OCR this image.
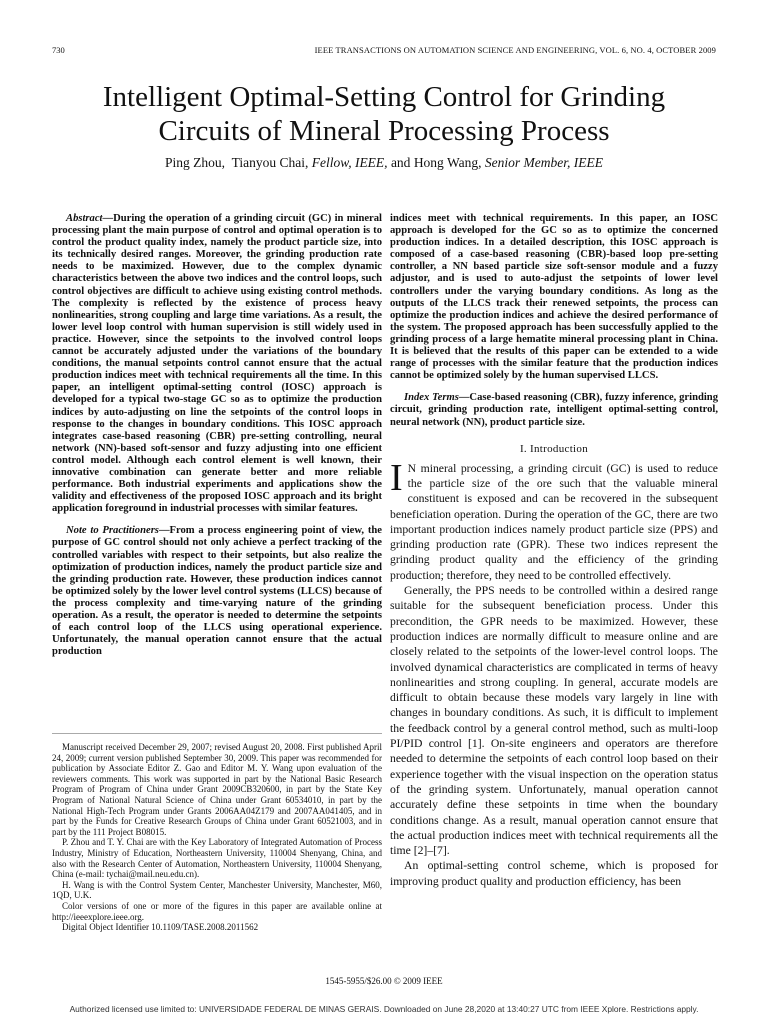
730	IEEE TRANSACTIONS ON AUTOMATION SCIENCE AND ENGINEERING, VOL. 6, NO. 4, OCTOBER 2009
Intelligent Optimal-Setting Control for Grinding
Circuits of Mineral Processing Process
Ping Zhou, Tianyou Chai, Fellow, IEEE, and Hong Wang, Senior Member, IEEE

Abstract—During the operation of a grinding circuit (GC) in mineral processing plant the main purpose of control and optimal operation is to control the product quality index, namely the product particle size, into its technically desired ranges. Moreover, the grinding production rate needs to be maximized. However, due to the complex dynamic characteristics between the above two indices and the control loops, such control objectives are difficult to achieve using existing control methods. The complexity is reflected by the existence of process heavy nonlinearities, strong coupling and large time variations. As a result, the lower level loop control with human supervision is still widely used in practice. However, since the setpoints to the involved control loops cannot be accurately adjusted under the variations of the boundary conditions, the manual setpoints control cannot ensure that the actual production indices meet with technical requirements all the time. In this paper, an intelligent optimal-setting control (IOSC) approach is developed for a typical two-stage GC so as to optimize the production indices by auto-adjusting on line the setpoints of the control loops in response to the changes in boundary conditions. This IOSC approach integrates case-based reasoning (CBR) pre-setting controlling, neural network (NN)-based soft-sensor and fuzzy adjusting into one efficient control model. Although each control element is well known, their innovative combination can generate better and more reliable performance. Both industrial experiments and applications show the validity and effectiveness of the proposed IOSC approach and its bright application foreground in industrial processes with similar features.

Note to Practitioners—From a process engineering point of view, the purpose of GC control should not only achieve a perfect tracking of the controlled variables with respect to their setpoints, but also realize the optimization of production indices, namely the product particle size and the grinding production rate. However, these production indices cannot be optimized solely by the lower level control systems (LLCS) because of the process complexity and time-varying nature of the grinding operation. As a result, the operator is needed to determine the setpoints of each control loop of the LLCS using operational experience. Unfortunately, the manual operation cannot ensure that the actual production

Manuscript received December 29, 2007; revised August 20, 2008. First published April 24, 2009; current version published September 30, 2009. This paper was recommended for publication by Associate Editor Z. Gao and Editor M. Y. Wang upon evaluation of the reviewers comments. This work was supported in part by the National Basic Research Program of Program of China under Grant 2009CB320600, in part by the State Key Program of National Natural Science of China under Grant 60534010, in part by the National High-Tech Program under Grants 2006AA04Z179 and 2007AA041405, and in part by the Funds for Creative Research Groups of China under Grant 60521003, and in part by the 111 Project B08015.

P. Zhou and T. Y. Chai are with the Key Laboratory of Integrated Automation of Process Industry, Ministry of Education, Northeastern University, 110004 Shenyang, China, and also with the Research Center of Automation, Northeastern University, 110004 Shenyang, China (e-mail: tychai@mail.neu.edu.cn).

H. Wang is with the Control System Center, Manchester University, Manchester, M60, 1QD, U.K.

Color versions of one or more of the figures in this paper are available online at http://ieeexplore.ieee.org.

Digital Object Identifier 10.1109/TASE.2008.2011562

indices meet with technical requirements. In this paper, an IOSC approach is developed for the GC so as to optimize the concerned production indices. In a detailed description, this IOSC approach is composed of a case-based reasoning (CBR)-based loop pre-setting controller, a NN based particle size soft-sensor module and a fuzzy adjustor, and is used to auto-adjust the setpoints of lower level controllers under the varying boundary conditions. As long as the outputs of the LLCS track their renewed setpoints, the process can optimize the production indices and achieve the desired performance of the system. The proposed approach has been successfully applied to the grinding process of a large hematite mineral processing plant in China. It is believed that the results of this paper can be extended to a wide range of processes with the similar feature that the production indices cannot be optimized solely by the human supervised LLCS.

Index Terms—Case-based reasoning (CBR), fuzzy inference, grinding circuit, grinding production rate, intelligent optimal-setting control, neural network (NN), product particle size.

I. Introduction

I N mineral processing, a grinding circuit (GC) is used to reduce the particle size of the ore such that the valuable mineral constituent is exposed and can be recovered in the subsequent beneficiation operation. During the operation of the GC, there are two important production indices namely product particle size (PPS) and grinding production rate (GPR). These two indices represent the grinding product quality and the efficiency of the grinding production; therefore, they need to be controlled effectively.

Generally, the PPS needs to be controlled within a desired range suitable for the subsequent beneficiation process. Under this precondition, the GPR needs to be maximized. However, these production indices are normally difficult to measure online and are closely related to the setpoints of the lower-level control loops. The involved dynamical characteristics are complicated in terms of heavy nonlinearities and strong coupling. In general, accurate models are difficult to obtain because these models vary largely in line with changes in boundary conditions. As such, it is difficult to implement the feedback control by a general control method, such as multi-loop PI/PID control [1]. On-site engineers and operators are therefore needed to determine the setpoints of each control loop based on their experience together with the visual inspection on the operation status of the grinding system. Unfortunately, manual operation cannot accurately define these setpoints in time when the boundary conditions change. As a result, manual operation cannot ensure that the actual production indices meet with technical requirements all the time [2]–[7].

An optimal-setting control scheme, which is proposed for improving product quality and production efficiency, has been

1545-5955/$26.00 © 2009 IEEE
Authorized licensed use limited to: UNIVERSIDADE FEDERAL DE MINAS GERAIS. Downloaded on June 28,2020 at 13:40:27 UTC from IEEE Xplore. Restrictions apply.
